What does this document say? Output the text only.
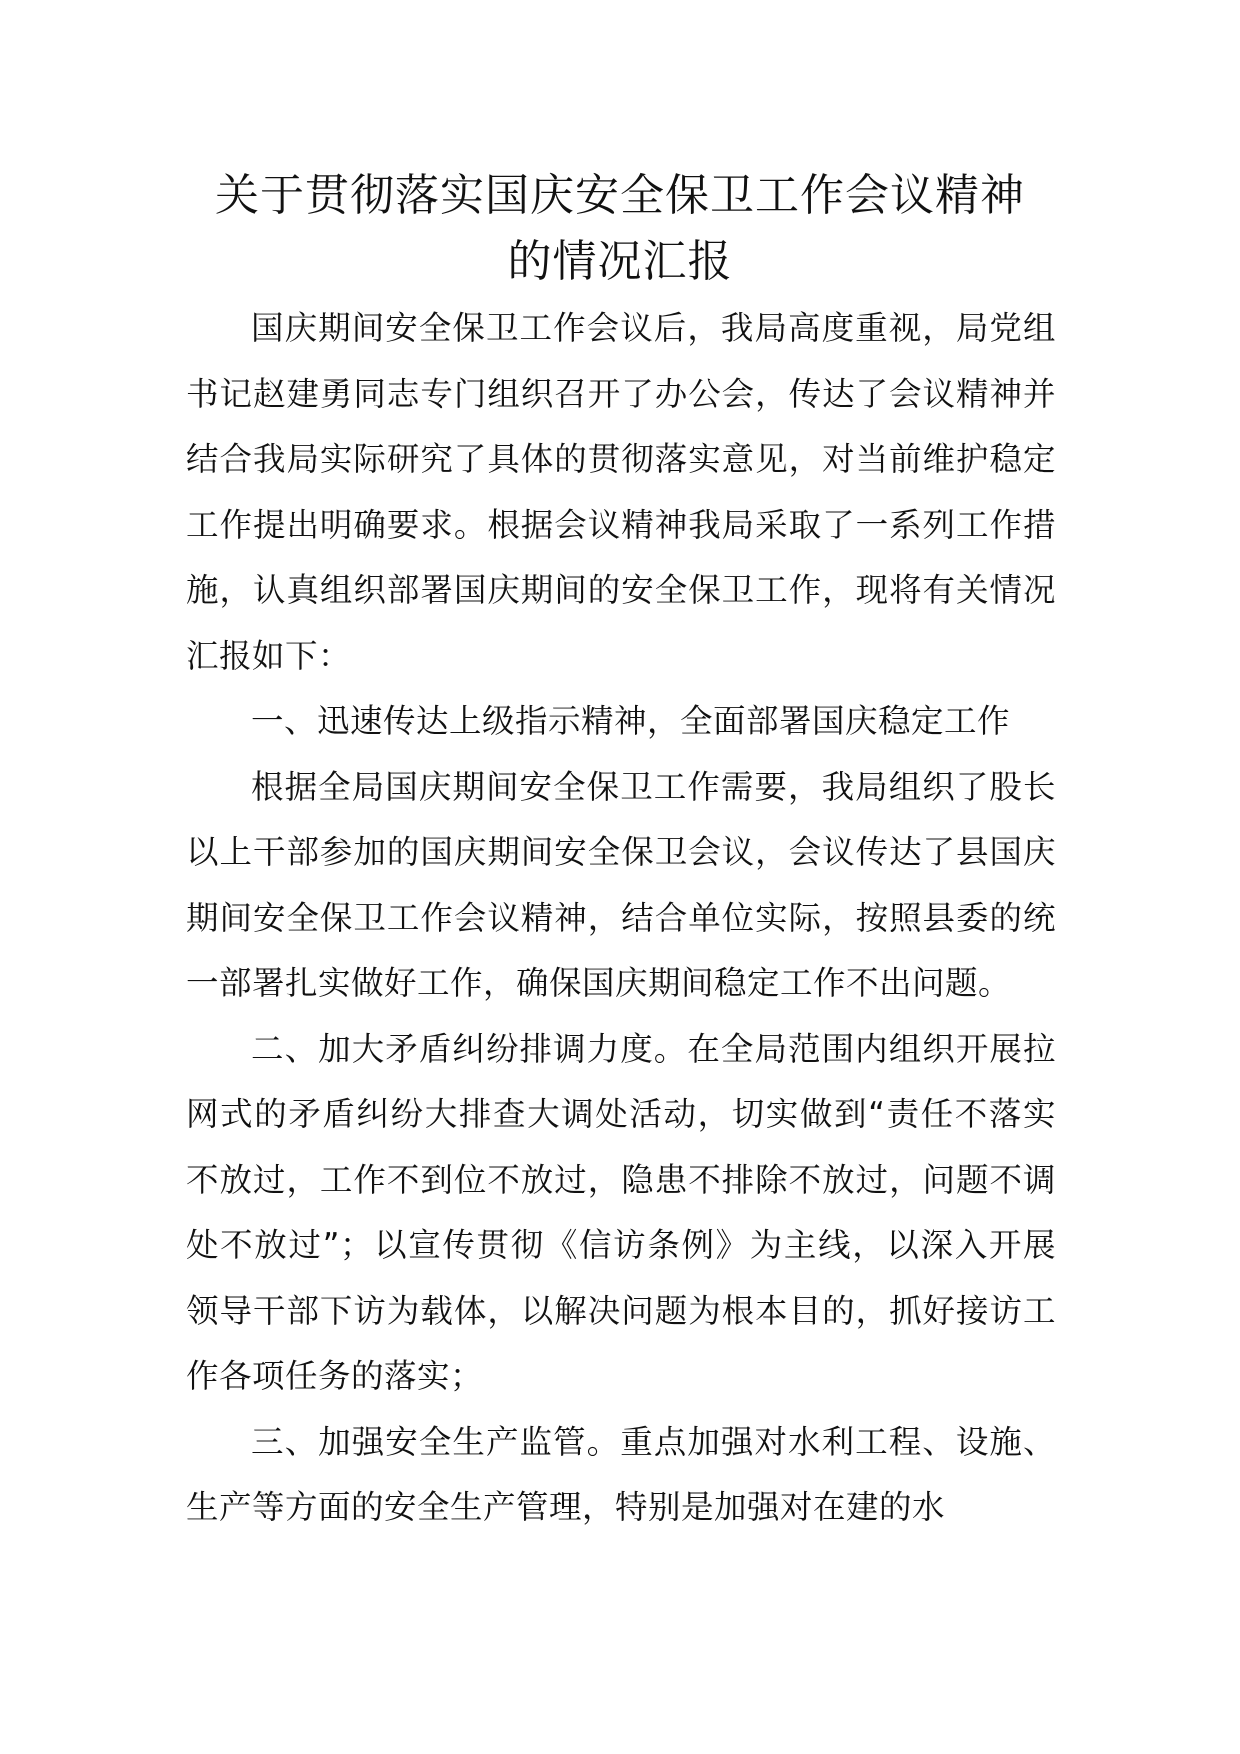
关于贯彻落实国庆安全保卫工作会议精神
的情况汇报

国庆期间安全保卫工作会议后，我局高度重视，局党组书记赵建勇同志专门组织召开了办公会，传达了会议精神并结合我局实际研究了具体的贯彻落实意见，对当前维护稳定工作提出明确要求。根据会议精神我局采取了一系列工作措施，认真组织部署国庆期间的安全保卫工作，现将有关情况汇报如下：

一、迅速传达上级指示精神，全面部署国庆稳定工作

根据全局国庆期间安全保卫工作需要，我局组织了股长以上干部参加的国庆期间安全保卫会议，会议传达了县国庆期间安全保卫工作会议精神，结合单位实际，按照县委的统一部署扎实做好工作，确保国庆期间稳定工作不出问题。

二、加大矛盾纠纷排调力度。在全局范围内组织开展拉网式的矛盾纠纷大排查大调处活动，切实做到“责任不落实不放过，工作不到位不放过，隐患不排除不放过，问题不调处不放过”；以宣传贯彻《信访条例》为主线，以深入开展领导干部下访为载体，以解决问题为根本目的，抓好接访工作各项任务的落实；

三、加强安全生产监管。重点加强对水利工程、设施、生产等方面的安全生产管理，特别是加强对在建的水
